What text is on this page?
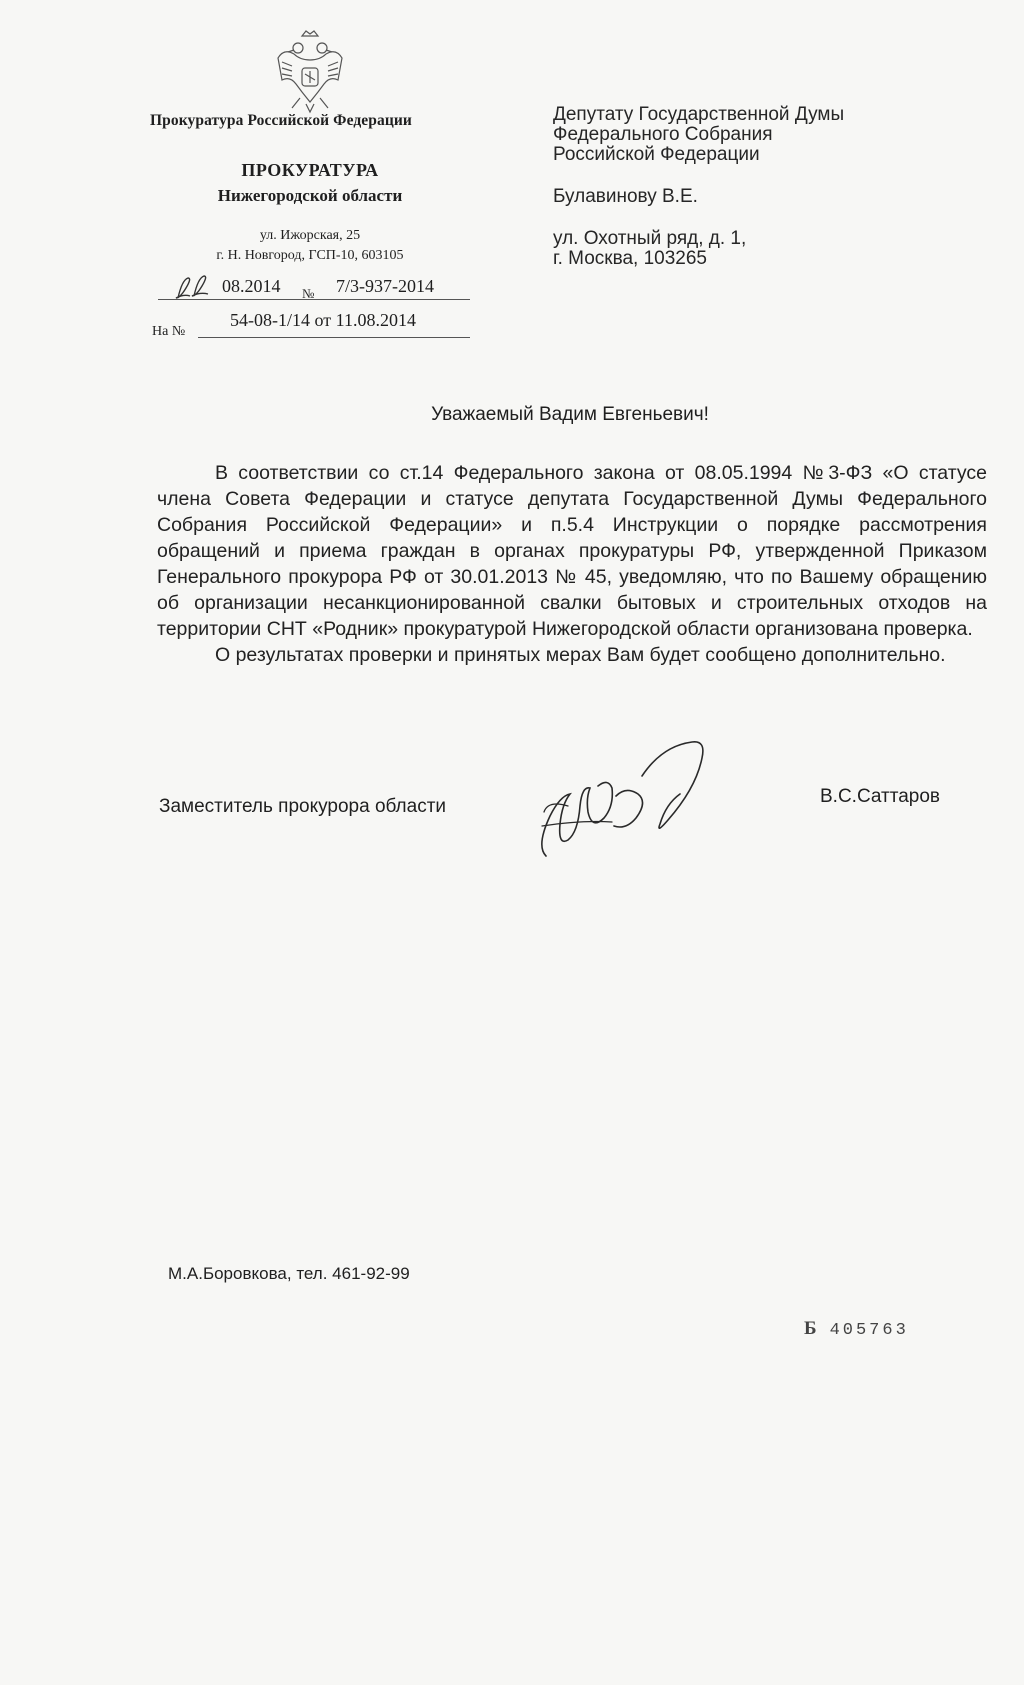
Прокуратура Российской Федерации
ПРОКУРАТУРА
Нижегородской области
ул. Ижорская, 25
г. Н. Новгород, ГСП-10, 603105
08.2014 № 7/3-937-2014
На №
54-08-1/14 от 11.08.2014
Депутату Государственной Думы
Федерального Собрания
Российской Федерации
Булавинову В.Е.
ул. Охотный ряд, д. 1,
г. Москва, 103265
Уважаемый Вадим Евгеньевич!

В соответствии со ст.14 Федерального закона от 08.05.1994 №3-ФЗ «О статусе члена Совета Федерации и статусе депутата Государственной Думы Федерального Собрания Российской Федерации» и п.5.4 Инструкции о порядке рассмотрения обращений и приема граждан в органах прокуратуры РФ, утвержденной Приказом Генерального прокурора РФ от 30.01.2013 № 45, уведомляю, что по Вашему обращению об организации несанкционированной свалки бытовых и строительных отходов на территории СНТ «Родник» прокуратурой Нижегородской области организована проверка.

О результатах проверки и принятых мерах Вам будет сообщено дополнительно.

Заместитель прокурора области	В.С.Саттаров
М.А.Боровкова, тел. 461-92-99
Б 405763
